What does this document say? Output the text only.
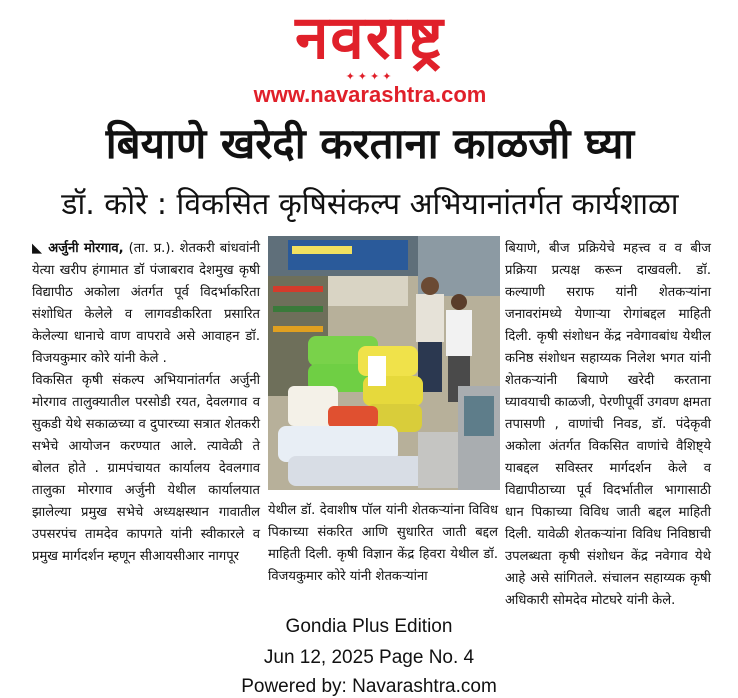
नवराष्ट्र
✦✦✦✦
www.navarashtra.com
बियाणे खरेदी करताना काळजी घ्या
डॉ. कोरे : विकसित कृषिसंकल्प अभियानांतर्गत कार्यशाळा

◣ अर्जुनी मोरगाव, (ता. प्र.). शेतकरी बांधवांनी येत्या खरीप हंगामात डॉ पंजाबराव देशमुख कृषी विद्यापीठ अकोला अंतर्गत पूर्व विदर्भाकरिता संशोधित केलेले व लागवडीकरिता प्रसारित केलेल्या धानाचे वाण वापरावे असे आवाहन डॉ. विजयकुमार कोरे यांनी केले .

विकसित कृषी संकल्प अभियानांतर्गत अर्जुनी मोरगाव तालुक्यातील परसोडी रयत, देवलगाव व सुकडी येथे सकाळच्या व दुपारच्या सत्रात शेतकरी सभेचे आयोजन करण्यात आले. त्यावेळी ते बोलत होते . ग्रामपंचायत कार्यालय देवलगाव तालुका मोरगाव अर्जुनी येथील कार्यालयात झालेल्या प्रमुख सभेचे अध्यक्षस्थान गावातील उपसरपंच तामदेव कापगते यांनी स्वीकारले व प्रमुख मार्गदर्शन म्हणून सीआयसीआर नागपूर

येथील डॉ. देवाशीष पॉल यांनी शेतकऱ्यांना विविध पिकाच्या संकरित आणि सुधारित जाती बद्दल माहिती दिली. कृषी विज्ञान केंद्र हिवरा येथील डॉ. विजयकुमार कोरे यांनी शेतकऱ्यांना

बियाणे, बीज प्रक्रियेचे महत्त्व व व बीज प्रक्रिया प्रत्यक्ष करून दाखवली. डॉ. कल्याणी सराफ यांनी शेतकऱ्यांना जनावरांमध्ये येणाऱ्या रोगांबद्दल माहिती दिली. कृषी संशोधन केंद्र नवेगावबांध येथील कनिष्ठ संशोधन सहाय्यक निलेश भगत यांनी शेतकऱ्यांनी बियाणे खरेदी करताना घ्यावयाची काळजी, पेरणीपूर्वी उगवण क्षमता तपासणी , वाणांची निवड, डॉ. पंदेकृवी अकोला अंतर्गत विकसित वाणांचे वैशिष्ट्ये याबद्दल सविस्तर मार्गदर्शन केले व विद्यापीठाच्या पूर्व विदर्भातील भागासाठी धान पिकाच्या विविध जाती बद्दल माहिती दिली. यावेळी शेतकऱ्यांना विविध निविष्ठाची उपलब्धता कृषी संशोधन केंद्र नवेगाव येथे आहे असे सांगितले. संचालन सहाय्यक कृषी अधिकारी सोमदेव मोटघरे यांनी केले.

Gondia Plus Edition
Jun 12, 2025 Page No. 4
Powered by: Navarashtra.com
